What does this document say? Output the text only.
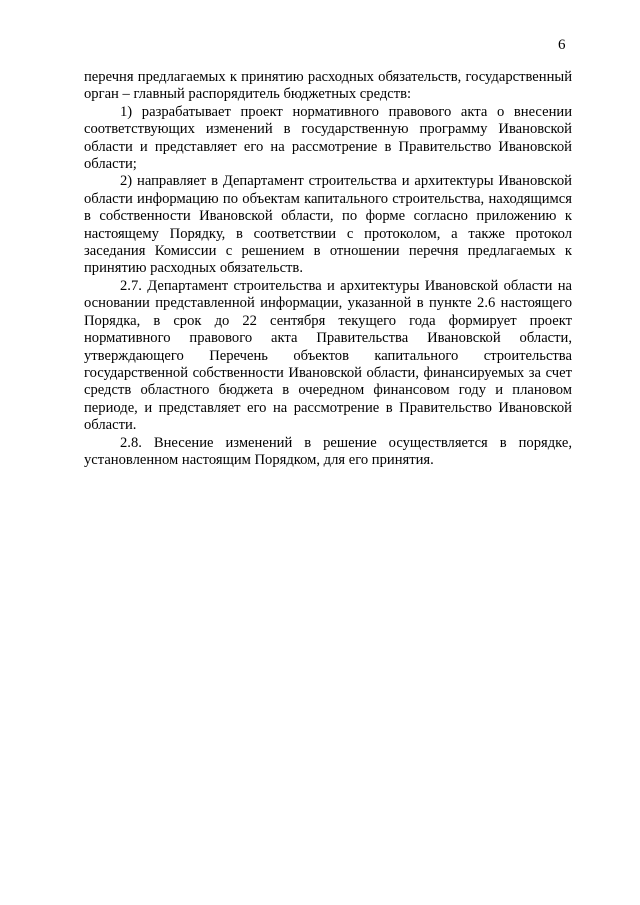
6

перечня предлагаемых к принятию расходных обязательств, государственный орган – главный распорядитель бюджетных средств:

1) разрабатывает проект нормативного правового акта о внесении соответствующих изменений в государственную программу Ивановской области и представляет его на рассмотрение в Правительство Ивановской области;

2) направляет в Департамент строительства и архитектуры Ивановской области информацию по объектам капитального строительства, находящимся в собственности Ивановской области, по форме согласно приложению к настоящему Порядку, в соответствии с протоколом, а также протокол заседания Комиссии с решением в отношении перечня предлагаемых к принятию расходных обязательств.

2.7. Департамент строительства и архитектуры Ивановской области на основании представленной информации, указанной в пункте 2.6 настоящего Порядка, в срок до 22 сентября текущего года формирует проект нормативного правового акта Правительства Ивановской области, утверждающего Перечень объектов капитального строительства государственной собственности Ивановской области, финансируемых за счет средств областного бюджета в очередном финансовом году и плановом периоде, и представляет его на рассмотрение в Правительство Ивановской области.

2.8. Внесение изменений в решение осуществляется в порядке, установленном настоящим Порядком, для его принятия.
